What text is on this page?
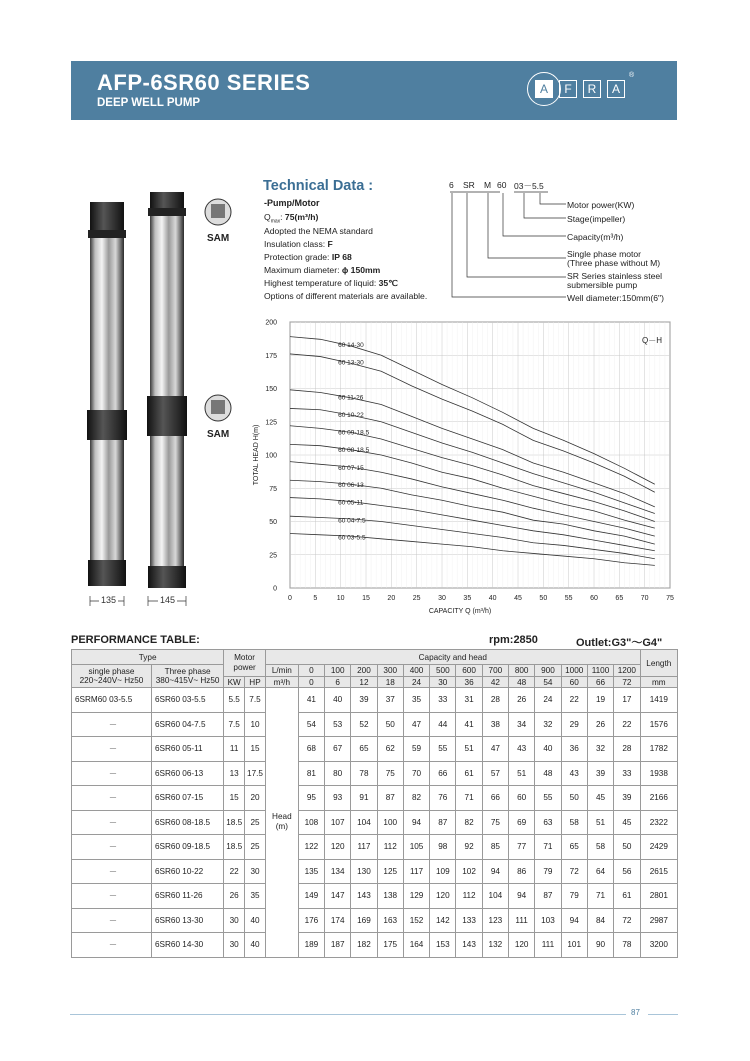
AFP-6SR60 SERIES
DEEP WELL PUMP
A	F	R	A
®
SAM
SAM
135	145
Technical Data :
-Pump/Motor
$Q_{max}$: 75(m³/h)
Adopted the NEMA standard
Insulation class: F
Protection grade: IP 68
Maximum diameter: ϕ 150mm
Highest temperature of liquid: 35℃
Options of different materials are available.
6 SR M 60 03－5.5
Motor power(KW)
Stage(impeller)
Capacity(m³/h)
Single phase motor
(Three phase without M)
SR Series stainless steel
submersible pump
Well diameter:150mm(6")
0	5	10	15	20	25	30	35	40	45	50	55	60	65	70	75
0
25
50
75
100
125
150
175
200
60 14-30
60 13-30
60 11-26
60 10-22
60 09-18.5
60 08-18.5
60 07-15
60 06-13
60 05-11
60 04-7.5
60 03-5.5
Q－H
CAPACITY Q (m³/h)
TOTAL HEAD H(m)
PERFORMANCE TABLE:	rpm:2850	Outlet:G3"～G4"
Type		Motor power		Capacity and head														Length
single phase 220~240V~ Hz50	Three phase 380~415V~ Hz50			L/min	0	100	200	300	400	500	600	700	800	900	1000	1100	1200	
		KW	HP	m³/h	0	6	12	18	24	30	36	42	48	54	60	66	72	mm
6SRM60 03-5.5	6SR60 03-5.5	5.5	7.5	Head (m)	41	40	39	37	35	33	31	28	26	24	22	19	17	1419
－	6SR60 04-7.5	7.5	10		54	53	52	50	47	44	41	38	34	32	29	26	22	1576
－	6SR60 05-11	11	15		68	67	65	62	59	55	51	47	43	40	36	32	28	1782
－	6SR60 06-13	13	17.5		81	80	78	75	70	66	61	57	51	48	43	39	33	1938
－	6SR60 07-15	15	20		95	93	91	87	82	76	71	66	60	55	50	45	39	2166
－	6SR60 08-18.5	18.5	25		108	107	104	100	94	87	82	75	69	63	58	51	45	2322
－	6SR60 09-18.5	18.5	25		122	120	117	112	105	98	92	85	77	71	65	58	50	2429
－	6SR60 10-22	22	30		135	134	130	125	117	109	102	94	86	79	72	64	56	2615
－	6SR60 11-26	26	35		149	147	143	138	129	120	112	104	94	87	79	71	61	2801
－	6SR60 13-30	30	40		176	174	169	163	152	142	133	123	111	103	94	84	72	2987
－	6SR60 14-30	30	40		189	187	182	175	164	153	143	132	120	111	101	90	78	3200
87
